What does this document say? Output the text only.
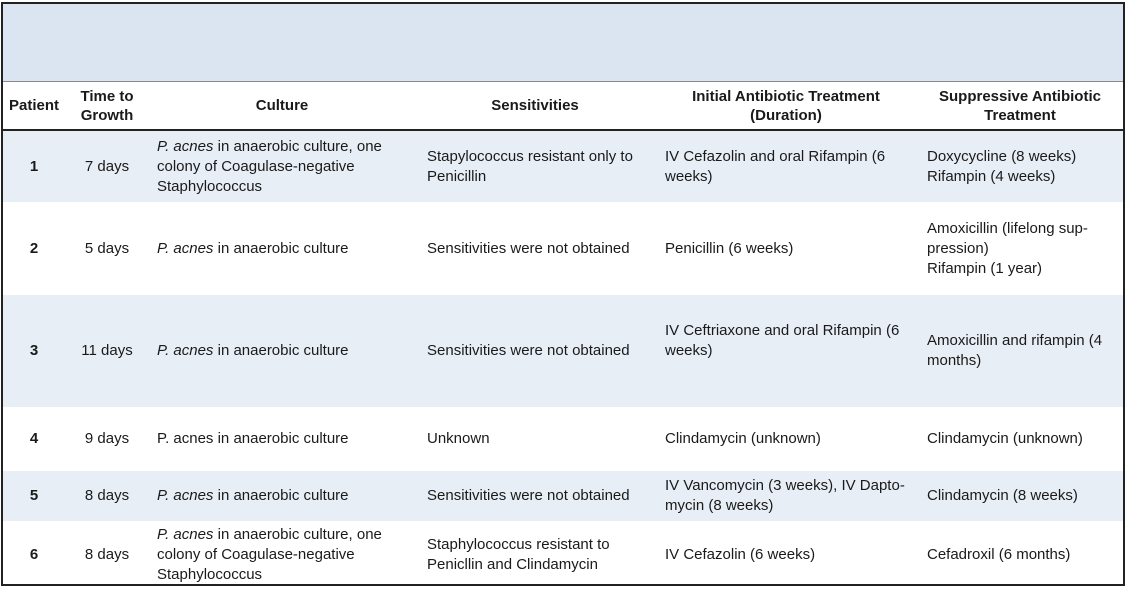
Patient	Time to Growth	Culture	Sensitivities	Initial Antibiotic Treatment (Duration)	Suppressive Antibiotic Treatment
1	7 days	P. acnes in anaerobic culture, one colony of Coagulase-negative Staphylococcus	Stapylococcus resistant only to Penicillin	IV Cefazolin and oral Rifampin (6 weeks)	Doxycycline (8 weeks)
Rifampin (4 weeks)

2	5 days	P. acnes in anaerobic culture	Sensitivities were not obtained	Penicillin (6 weeks)	Amoxicillin (lifelong sup-pression)
Rifampin (1 year)

3	11 days	P. acnes in anaerobic culture	Sensitivities were not obtained	IV Ceftriaxone and oral Rifampin (6 weeks)	Amoxicillin and rifampin (4 months)

4	9 days	P. acnes in anaerobic culture	Unknown	Clindamycin (unknown)	Clindamycin (unknown)

5	8 days	P. acnes in anaerobic culture	Sensitivities were not obtained	IV Vancomycin (3 weeks), IV Dapto-mycin (8 weeks)	Clindamycin (8 weeks)

6	8 days	P. acnes in anaerobic culture, one colony of Coagulase-negative Staphylococcus	Staphylococcus resistant to Penicllin and Clindamycin	IV Cefazolin (6 weeks)	Cefadroxil (6 months)
